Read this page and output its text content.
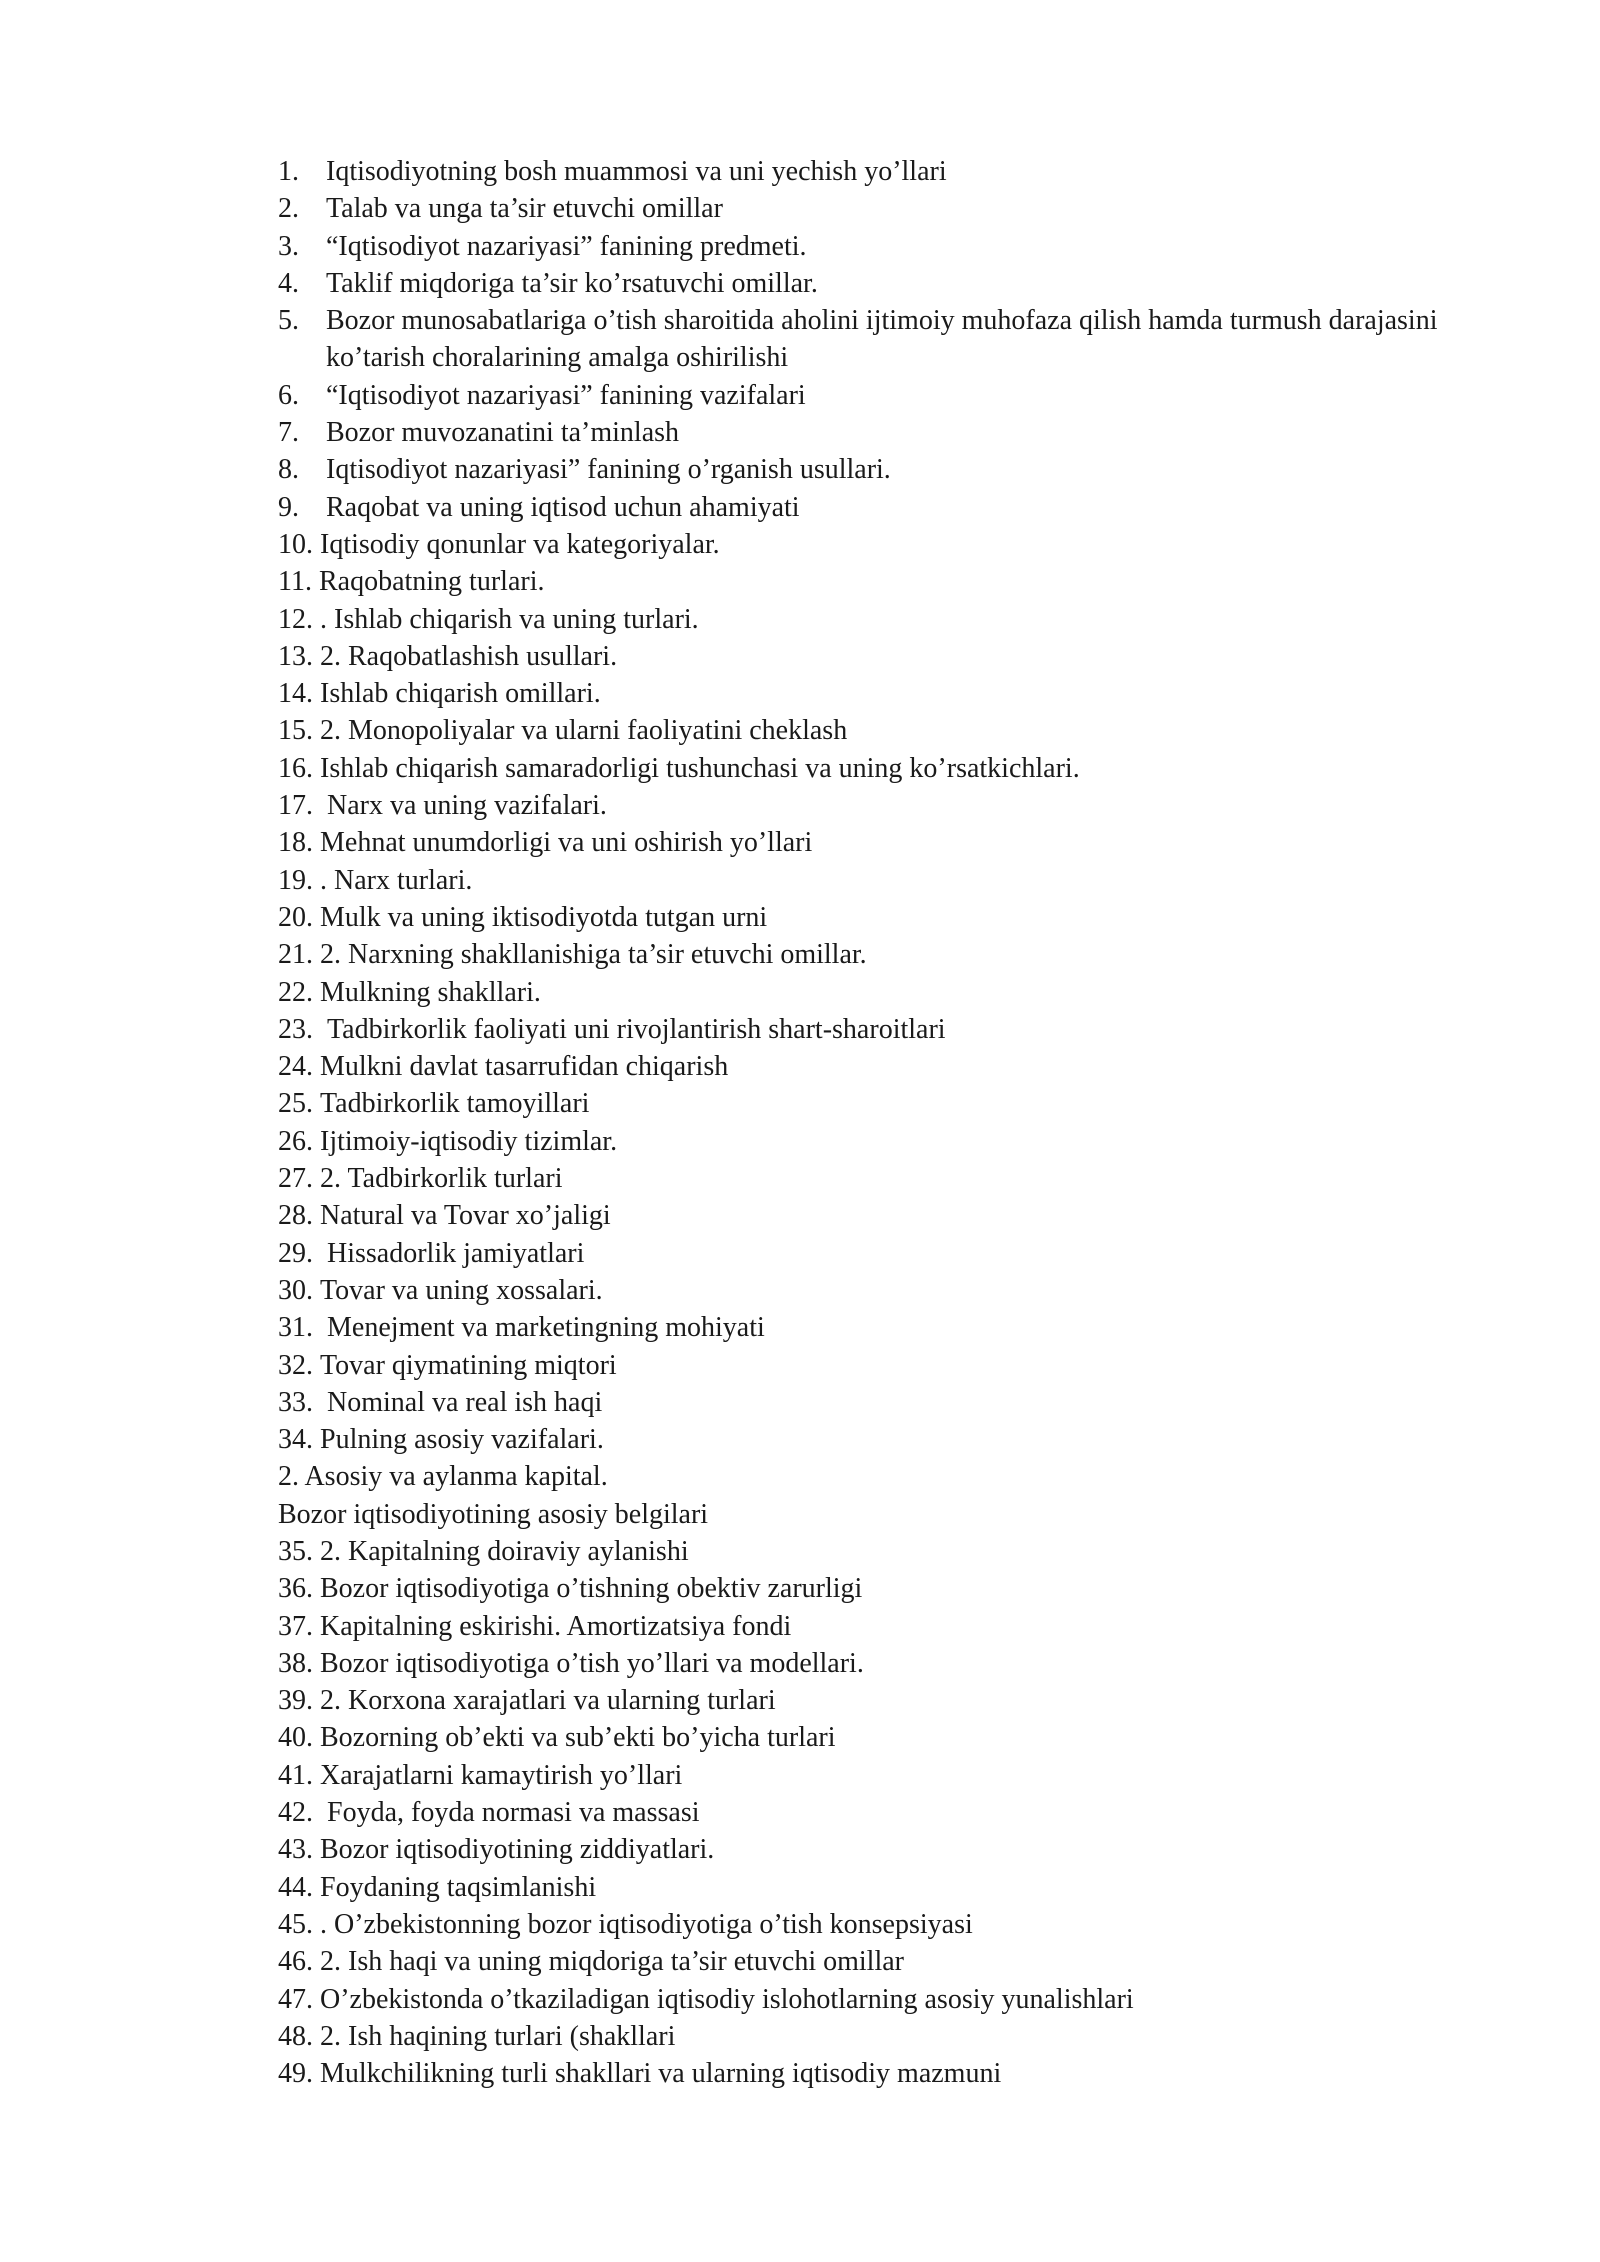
1. Iqtisodiyotning bosh muammosi va uni yechish yo’llari
2. Talab va unga ta’sir etuvchi omillar
3. “Iqtisodiyot nazariyasi” fanining predmeti.
4. Taklif miqdoriga ta’sir ko’rsatuvchi omillar.
5. Bozor munosabatlariga o’tish sharoitida aholini ijtimoiy muhofaza qilish hamda turmush darajasini ko’tarish choralarining amalga oshirilishi
6. “Iqtisodiyot nazariyasi” fanining vazifalari
7. Bozor muvozanatini ta’minlash
8. Iqtisodiyot nazariyasi” fanining o’rganish usullari.
9. Raqobat va uning iqtisod uchun ahamiyati
10. Iqtisodiy qonunlar va kategoriyalar.
11. Raqobatning turlari.
12. . Ishlab chiqarish va uning turlari.
13. 2. Raqobatlashish usullari.
14. Ishlab chiqarish omillari.
15. 2. Monopoliyalar va ularni faoliyatini cheklash
16. Ishlab chiqarish samaradorligi tushunchasi va uning ko’rsatkichlari.
17. Narx va uning vazifalari.
18. Mehnat unumdorligi va uni oshirish yo’llari
19. . Narx turlari.
20. Mulk va uning iktisodiyotda tutgan urni
21. 2. Narxning shakllanishiga ta’sir etuvchi omillar.
22. Mulkning shakllari.
23. Tadbirkorlik faoliyati uni rivojlantirish shart-sharoitlari
24. Mulkni davlat tasarrufidan chiqarish
25. Tadbirkorlik tamoyillari
26. Ijtimoiy-iqtisodiy tizimlar.
27. 2. Tadbirkorlik turlari
28. Natural va Tovar xo’jaligi
29. Hissadorlik jamiyatlari
30. Tovar va uning xossalari.
31. Menejment va marketingning mohiyati
32. Tovar qiymatining miqtori
33. Nominal va real ish haqi
34. Pulning asosiy vazifalari.
2. Asosiy va aylanma kapital.
Bozor iqtisodiyotining asosiy belgilari
35. 2. Kapitalning doiraviy aylanishi
36. Bozor iqtisodiyotiga o’tishning obektiv zarurligi
37. Kapitalning eskirishi. Amortizatsiya fondi
38. Bozor iqtisodiyotiga o’tish yo’llari va modellari.
39. 2. Korxona xarajatlari va ularning turlari
40. Bozorning ob’ekti va sub’ekti bo’yicha turlari
41. Xarajatlarni kamaytirish yo’llari
42. Foyda, foyda normasi va massasi
43. Bozor iqtisodiyotining ziddiyatlari.
44. Foydaning taqsimlanishi
45. . O’zbekistonning bozor iqtisodiyotiga o’tish konsepsiyasi
46. 2. Ish haqi va uning miqdoriga ta’sir etuvchi omillar
47. O’zbekistonda o’tkaziladigan iqtisodiy islohotlarning asosiy yunalishlari
48. 2. Ish haqining turlari (shakllari
49. Mulkchilikning turli shakllari va ularning iqtisodiy mazmuni
